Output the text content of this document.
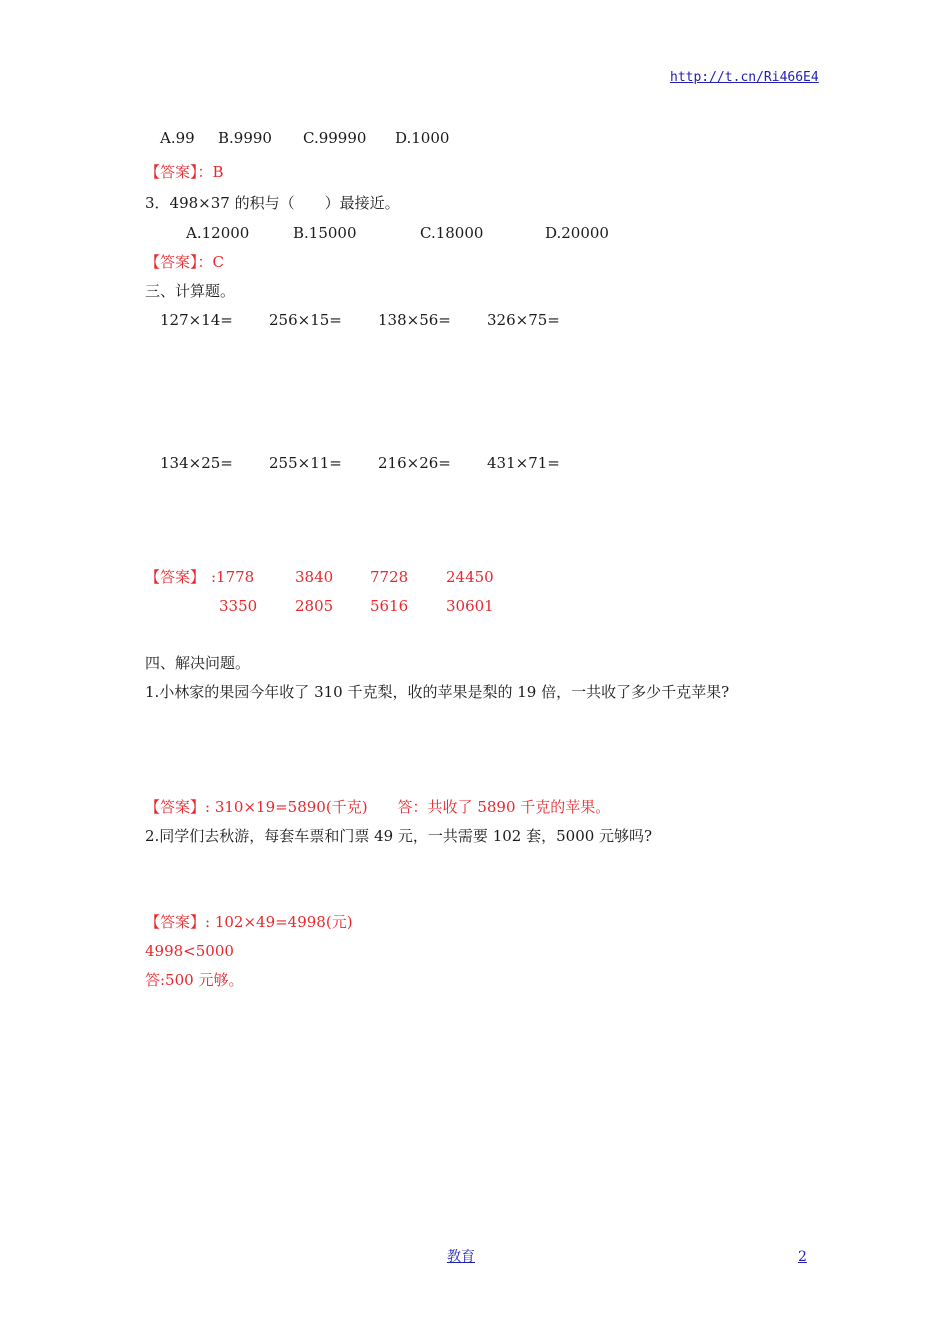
http://t.cn/Ri466E4
A.99 B.9990 C.99990 D.1000
【答案】：B
3．498×37 的积与（　　）最接近。
A.12000	B.15000	C.18000	D.20000
【答案】：C
三、计算题。
127×14= 256×15= 138×56= 326×75=
134×25= 255×11= 216×26= 431×71=
【答案】 :1778	3840 7728	24450
3350	2805 5616	30601
四、解决问题。
1.小林家的果园今年收了 310 千克梨，收的苹果是梨的 19 倍，一共收了多少千克苹果?
【答案】: 310×19=5890(千克)　　答：共收了 5890 千克的苹果。
2.同学们去秋游，每套车票和门票 49 元，一共需要 102 套，5000 元够吗?
【答案】: 102×49=4998(元)
4998<5000
答:500 元够。
教育	2
